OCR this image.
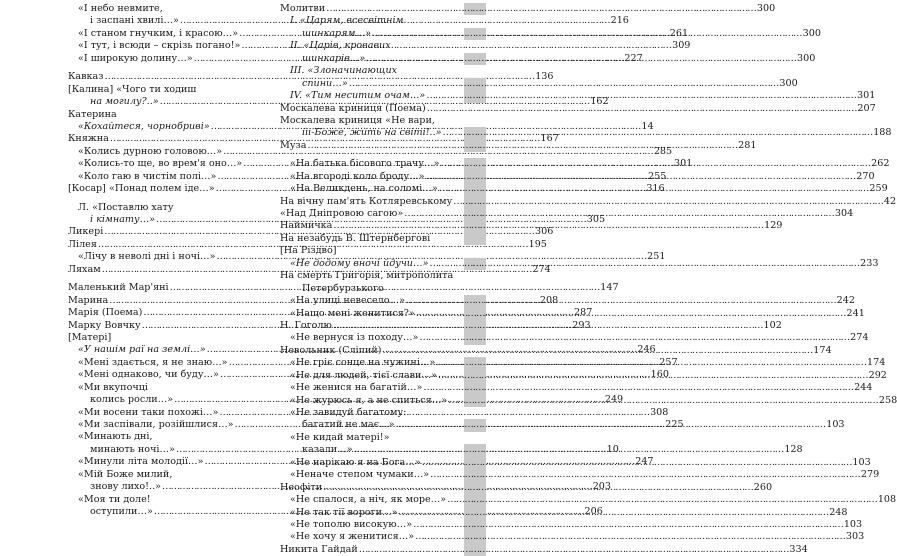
«І небо невмите,
і заспані хвилі…» ……………………………………………………………………………………………………………………………………	216
«І станом гнучким, і красою…» ……………………………………………………………………………………………………………………………………	261
«І тут, і всюди – скрізь погано!» ……………………………………………………………………………………………………………………………………	309
«І широкую долину…» ……………………………………………………………………………………………………………………………………	227
Кавказ ……………………………………………………………………………………………………………………………………	136
[Калина] «Чого ти ходиш
на могилу?..» ……………………………………………………………………………………………………………………………………	162
Катерина
«Кохайтеся, чорнобриві» ……………………………………………………………………………………………………………………………………	14
Княжна ……………………………………………………………………………………………………………………………………	167
«Колись дурною головою…» ……………………………………………………………………………………………………………………………………	285
«Колись-то ще, во врем'я оно…» ……………………………………………………………………………………………………………………………………	301
«Коло гаю в чистім полі…» ……………………………………………………………………………………………………………………………………	255
[Косар] «Понад полем іде…» ……………………………………………………………………………………………………………………………………	316
Л. «Поставлю хату
і кімнату…» ……………………………………………………………………………………………………………………………………	305
Ликері ……………………………………………………………………………………………………………………………………	306
Лілея ……………………………………………………………………………………………………………………………………	195
«Лічу в неволі дні і ночі…» ……………………………………………………………………………………………………………………………………	251
Ляхам ……………………………………………………………………………………………………………………………………	274
Маленький Мар'яні ……………………………………………………………………………………………………………………………………	147
Марина ……………………………………………………………………………………………………………………………………	208
Марія (Поема) ……………………………………………………………………………………………………………………………………	287
Марку Вовчку ……………………………………………………………………………………………………………………………………	293
[Матері]
«У нашім раї на землі…» ……………………………………………………………………………………………………………………………………	246
«Мені здається, я не знаю…» ……………………………………………………………………………………………………………………………………	257
«Мені однаково, чи буду…» ……………………………………………………………………………………………………………………………………	160
«Ми вкупочці
колись росли…» ……………………………………………………………………………………………………………………………………	249
«Ми восени таки похожі…» ……………………………………………………………………………………………………………………………………	308
«Ми заспівали, розійшлися…» ……………………………………………………………………………………………………………………………………	225
«Минають дні,
минають ночі…» ……………………………………………………………………………………………………………………………………	10
«Минули літа молодії…» ……………………………………………………………………………………………………………………………………	247
«Мій Боже милий,
знову лихо!..» ……………………………………………………………………………………………………………………………………	203
«Моя ти доле!
оступили…» ……………………………………………………………………………………………………………………………………	206
Молитви ……………………………………………………………………………………………………………………………………	300
І. «Царям, всесвітнім
шинкарям…» ……………………………………………………………………………………………………………………………………	300
ІІ. «Царів, кровавих
шинкарів…» ……………………………………………………………………………………………………………………………………	300
ІІІ. «Злоначинающих
спини…» ……………………………………………………………………………………………………………………………………	300
IV. «Тим неситим очам…» ……………………………………………………………………………………………………………………………………	301
Москалева криниця (Поема) ……………………………………………………………………………………………………………………………………	207
Москалева криниця «Не вари,
ііі-Боже, жить на світі!..» ……………………………………………………………………………………………………………………………………	188
Муза ……………………………………………………………………………………………………………………………………	281
«На батька бісового трачу…» ……………………………………………………………………………………………………………………………………	262
«На вгороді коло броду…» ……………………………………………………………………………………………………………………………………	270
«На Великдень, на соломі…» ……………………………………………………………………………………………………………………………………	259
На вічну пам'ять Котляревському ……………………………………………………………………………………………………………………………………	42
«Над Дніпровою сагою» ……………………………………………………………………………………………………………………………………	304
Наймичка ……………………………………………………………………………………………………………………………………	129
На незабудь В. Штернбергові
[На Різдво]
«Не додому вночі йдучи…» ……………………………………………………………………………………………………………………………………	233
На смерть Григорія, митрополита
Петербурзького
«На улиці невесело…» ……………………………………………………………………………………………………………………………………	242
«Нащо мені женитися?» ……………………………………………………………………………………………………………………………………	241
Н. Гоголю ……………………………………………………………………………………………………………………………………	102
«Не вернуся із походу…» ……………………………………………………………………………………………………………………………………	274
Невольник (Сліпий) ……………………………………………………………………………………………………………………………………	174
«Не гріє сонце на чужині…» ……………………………………………………………………………………………………………………………………	174
«Не для людей, тієї слави…» ……………………………………………………………………………………………………………………………………	292
«Не женися на багатій…» ……………………………………………………………………………………………………………………………………	244
«Не журюсь я, а не спиться…» ……………………………………………………………………………………………………………………………………	258
«Не завидуй багатому:
багатий не має…» ……………………………………………………………………………………………………………………………………	103
«Не кидай матері!»
казали…» ……………………………………………………………………………………………………………………………………	128
«Не нарікаю я на Бога…» ……………………………………………………………………………………………………………………………………	103
«Неначе степом чумаки…» ……………………………………………………………………………………………………………………………………	279
Неофіти ……………………………………………………………………………………………………………………………………	260
«Не спалося, а ніч, як море…» ……………………………………………………………………………………………………………………………………	108
«Не так тії вороги…» ……………………………………………………………………………………………………………………………………	248
«Не тополю високую…» ……………………………………………………………………………………………………………………………………	103
«Не хочу я женитися…» ……………………………………………………………………………………………………………………………………	303
Никита Гайдай ……………………………………………………………………………………………………………………………………	334
